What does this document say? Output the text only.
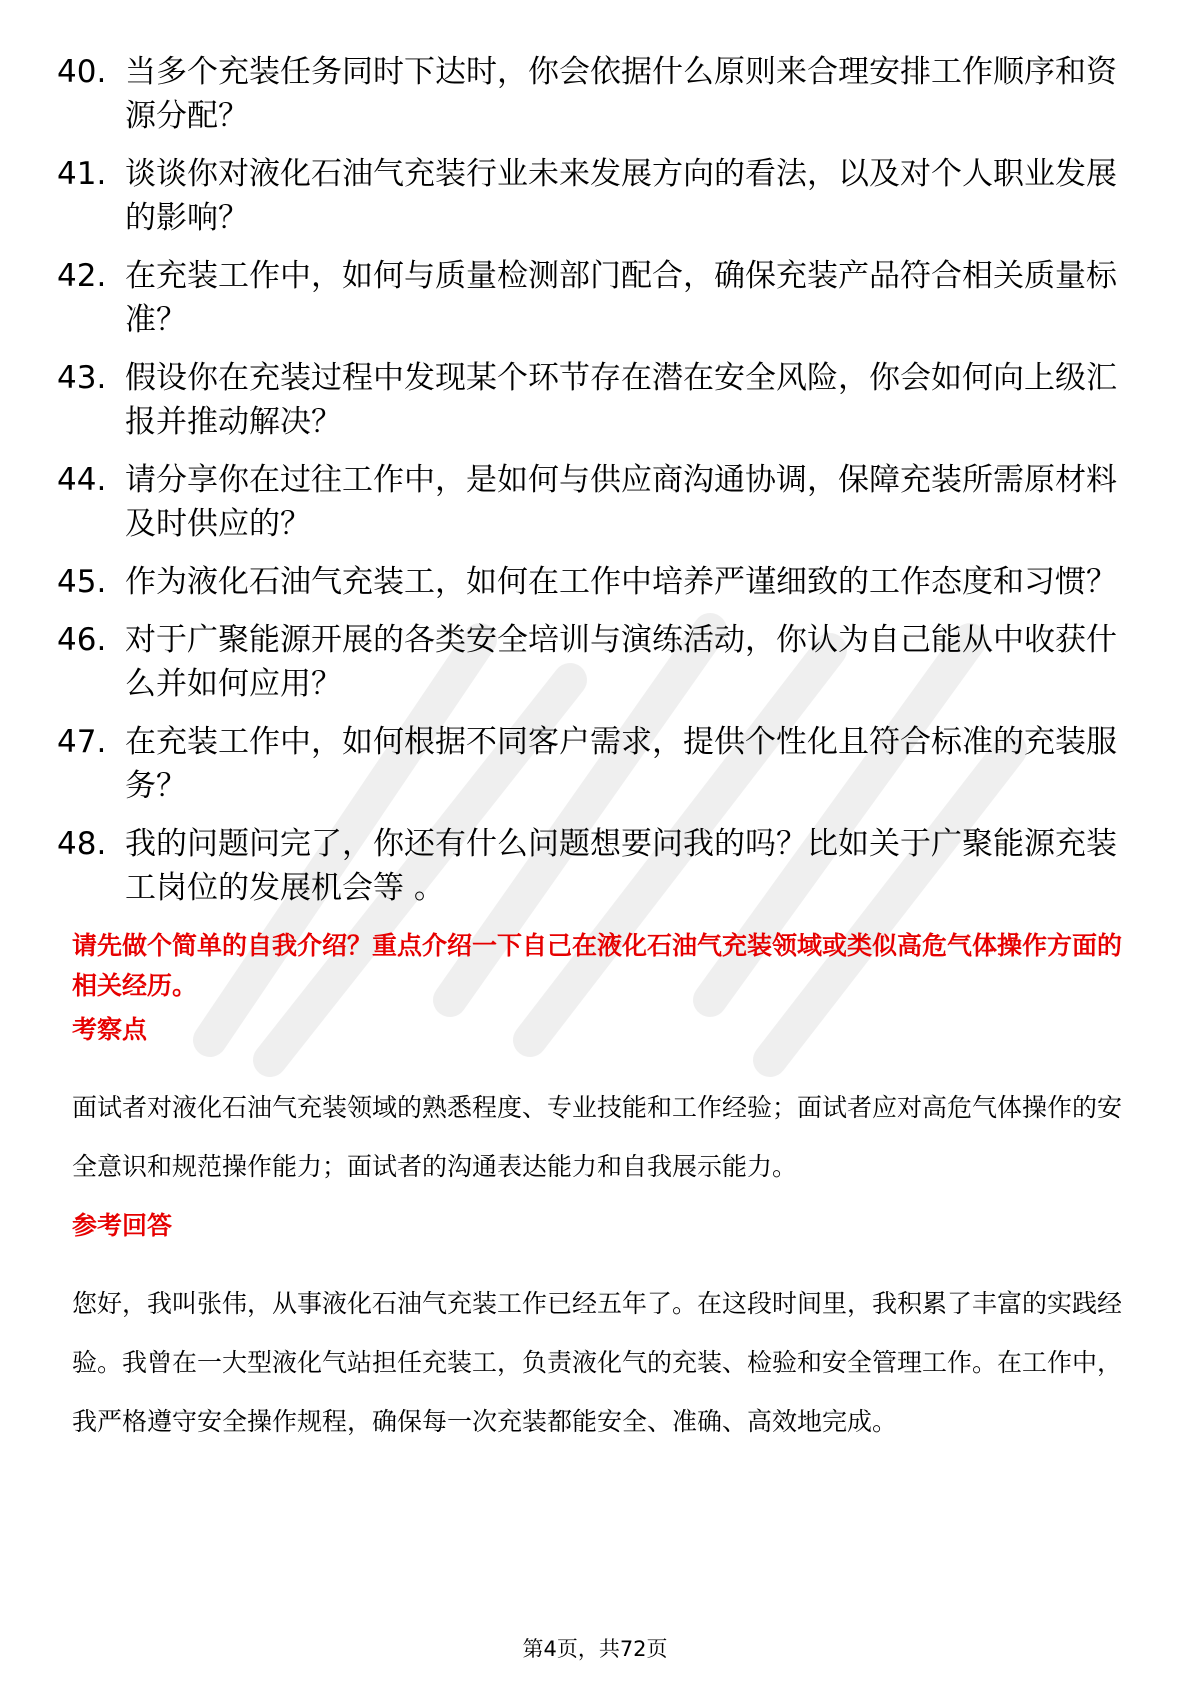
40. 当多个充装任务同时下达时，你会依据什么原则来合理安排工作顺序和资源分配？
41. 谈谈你对液化石油气充装行业未来发展方向的看法，以及对个人职业发展的影响？
42. 在充装工作中，如何与质量检测部门配合，确保充装产品符合相关质量标准？
43. 假设你在充装过程中发现某个环节存在潜在安全风险，你会如何向上级汇报并推动解决？
44. 请分享你在过往工作中，是如何与供应商沟通协调，保障充装所需原材料及时供应的？
45. 作为液化石油气充装工，如何在工作中培养严谨细致的工作态度和习惯？
46. 对于广聚能源开展的各类安全培训与演练活动，你认为自己能从中收获什么并如何应用？
47. 在充装工作中，如何根据不同客户需求，提供个性化且符合标准的充装服务？
48. 我的问题问完了，你还有什么问题想要问我的吗？比如关于广聚能源充装工岗位的发展机会等 。
请先做个简单的自我介绍？重点介绍一下自己在液化石油气充装领域或类似高危气体操作方面的相关经历。
考察点
面试者对液化石油气充装领域的熟悉程度、专业技能和工作经验；面试者应对高危气体操作的安全意识和规范操作能力；面试者的沟通表达能力和自我展示能力。
参考回答
您好，我叫张伟，从事液化石油气充装工作已经五年了。在这段时间里，我积累了丰富的实践经验。我曾在一大型液化气站担任充装工，负责液化气的充装、检验和安全管理工作。在工作中，我严格遵守安全操作规程，确保每一次充装都能安全、准确、高效地完成。
第4页，共72页
